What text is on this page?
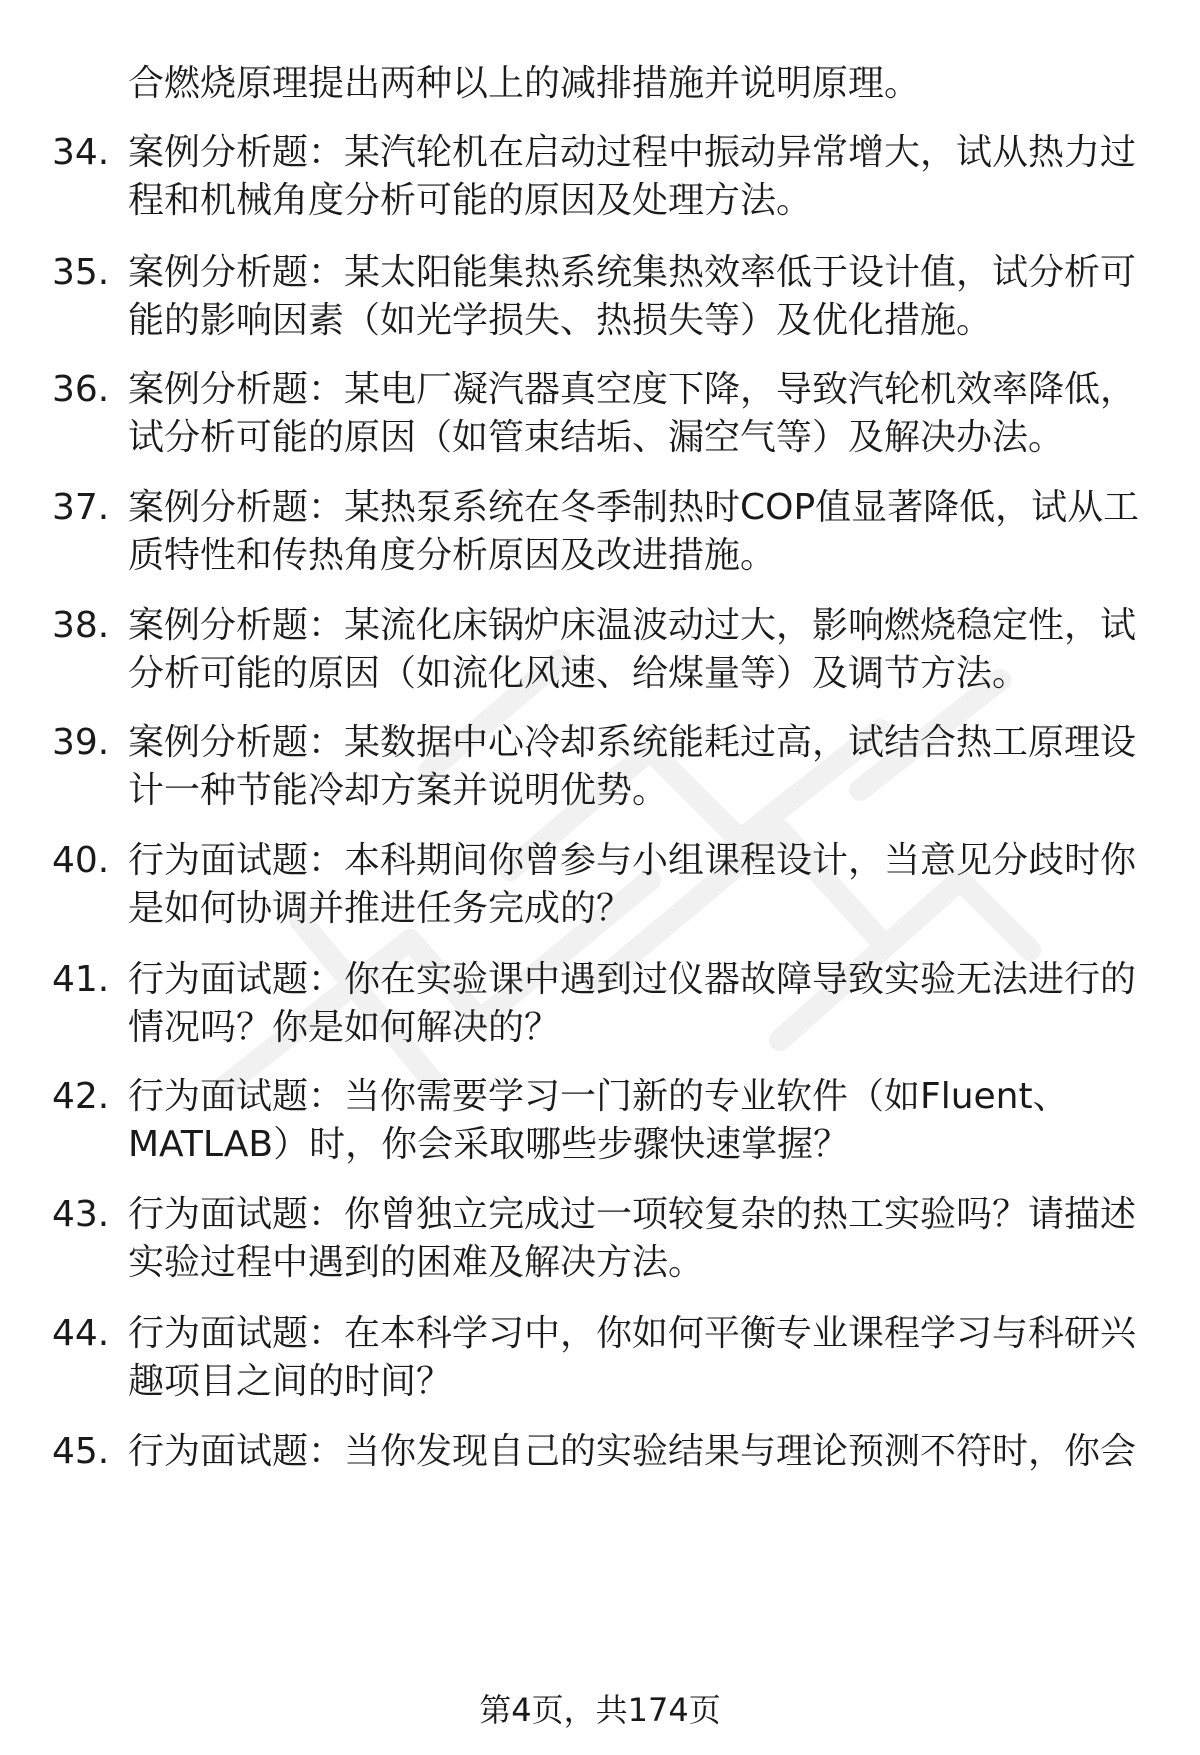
合燃烧原理提出两种以上的减排措施并说明原理。
34. 案例分析题：某汽轮机在启动过程中振动异常增大，试从热力过
程和机械角度分析可能的原因及处理方法。
35. 案例分析题：某太阳能集热系统集热效率低于设计值，试分析可
能的影响因素（如光学损失、热损失等）及优化措施。
36. 案例分析题：某电厂凝汽器真空度下降，导致汽轮机效率降低，
试分析可能的原因（如管束结垢、漏空气等）及解决办法。
37. 案例分析题：某热泵系统在冬季制热时COP值显著降低，试从工
质特性和传热角度分析原因及改进措施。
38. 案例分析题：某流化床锅炉床温波动过大，影响燃烧稳定性，试
分析可能的原因（如流化风速、给煤量等）及调节方法。
39. 案例分析题：某数据中心冷却系统能耗过高，试结合热工原理设
计一种节能冷却方案并说明优势。
40. 行为面试题：本科期间你曾参与小组课程设计，当意见分歧时你
是如何协调并推进任务完成的？
41. 行为面试题：你在实验课中遇到过仪器故障导致实验无法进行的
情况吗？你是如何解决的？
42. 行为面试题：当你需要学习一门新的专业软件（如Fluent、
MATLAB）时，你会采取哪些步骤快速掌握？
43. 行为面试题：你曾独立完成过一项较复杂的热工实验吗？请描述
实验过程中遇到的困难及解决方法。
44. 行为面试题：在本科学习中，你如何平衡专业课程学习与科研兴
趣项目之间的时间？
45. 行为面试题：当你发现自己的实验结果与理论预测不符时，你会
第4页，共174页
